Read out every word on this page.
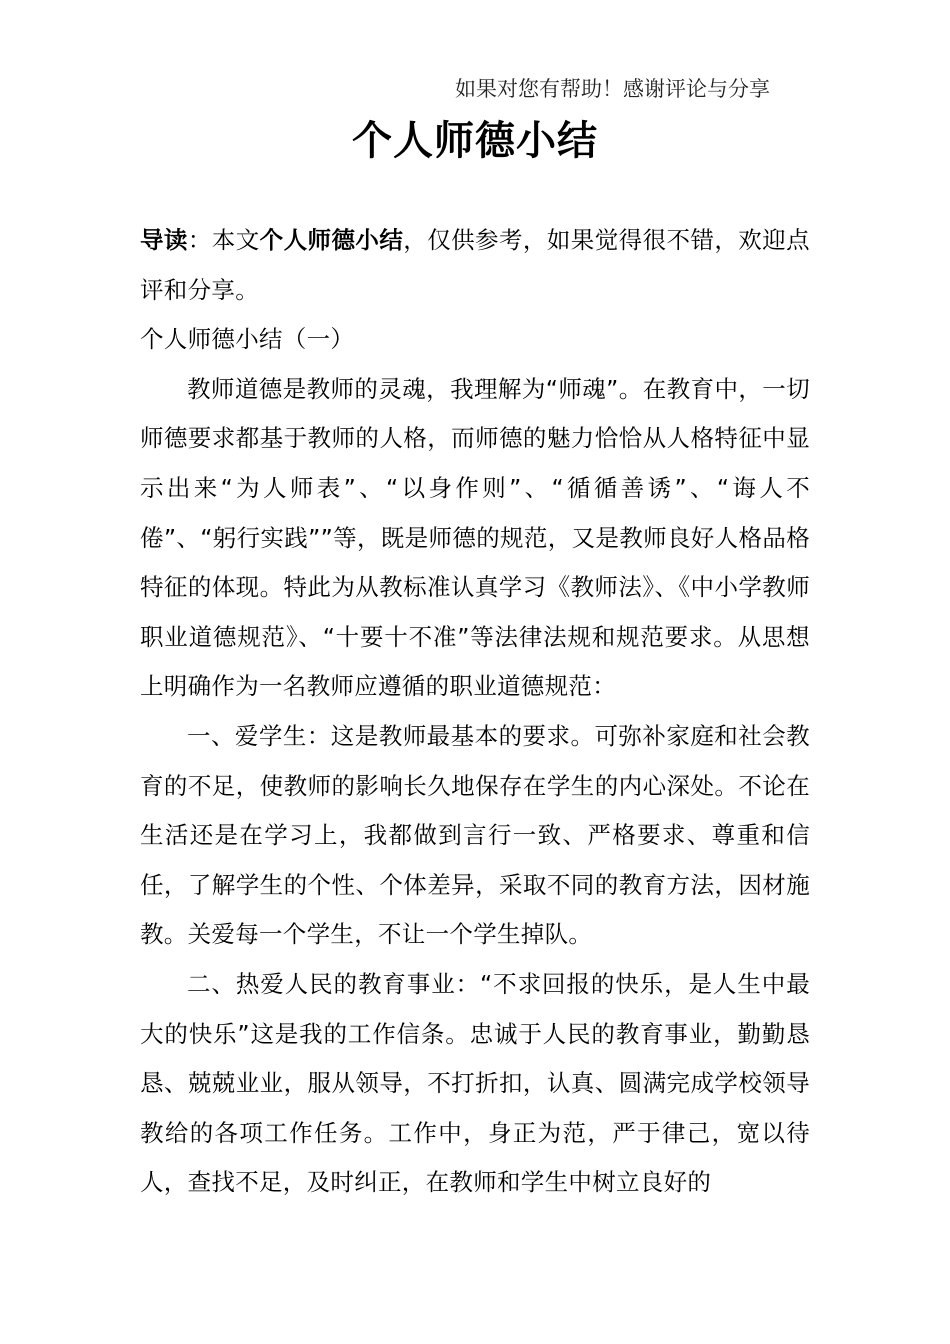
如果对您有帮助！感谢评论与分享
个人师德小结

导读：本文个人师德小结，仅供参考，如果觉得很不错，欢迎点评和分享。

个人师德小结（一）

教师道德是教师的灵魂，我理解为“师魂”。在教育中，一切师德要求都基于教师的人格，而师德的魅力恰恰从人格特征中显示出来“为人师表”、“以身作则”、“循循善诱”、“诲人不倦”、“躬行实践””等，既是师德的规范，又是教师良好人格品格特征的体现。特此为从教标准认真学习《教师法》、《中小学教师职业道德规范》、“十要十不准”等法律法规和规范要求。从思想上明确作为一名教师应遵循的职业道德规范：

一、爱学生：这是教师最基本的要求。可弥补家庭和社会教育的不足，使教师的影响长久地保存在学生的内心深处。不论在生活还是在学习上，我都做到言行一致、严格要求、尊重和信任，了解学生的个性、个体差异，采取不同的教育方法，因材施教。关爱每一个学生，不让一个学生掉队。

二、热爱人民的教育事业：“不求回报的快乐，是人生中最大的快乐”这是我的工作信条。忠诚于人民的教育事业，勤勤恳恳、兢兢业业，服从领导，不打折扣，认真、圆满完成学校领导教给的各项工作任务。工作中，身正为范，严于律己，宽以待人，查找不足，及时纠正，在教师和学生中树立良好的
